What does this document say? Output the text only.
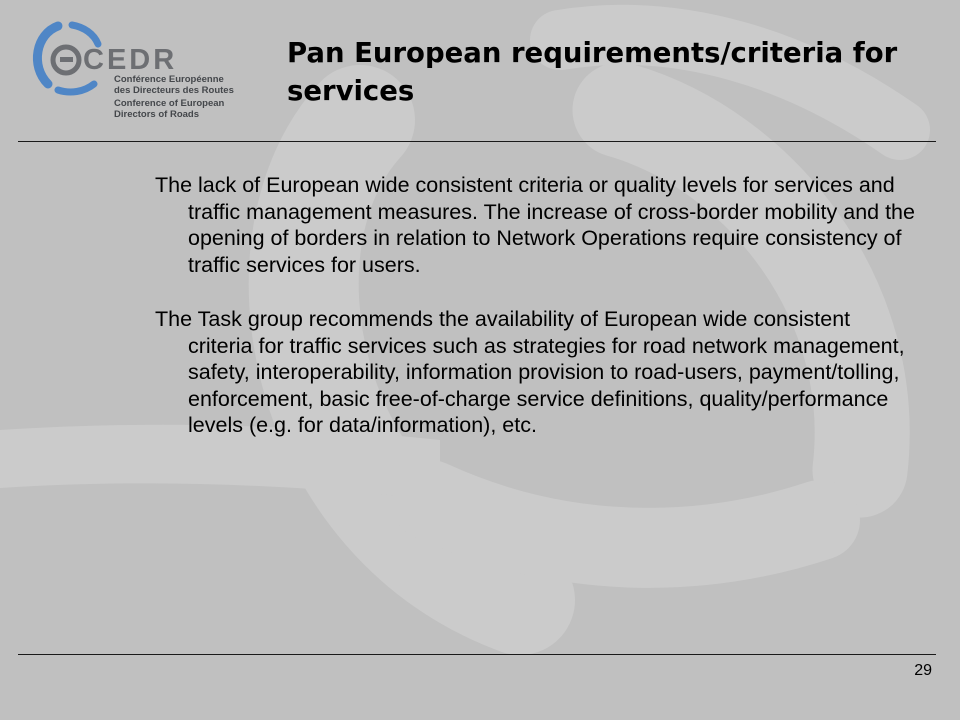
CEDR
Conférence Européenne
des Directeurs des Routes
Conference of European
Directors of Roads
Pan European requirements/criteria for services

The lack of European wide consistent criteria or quality levels for services and traffic management measures. The increase of cross-border mobility and the opening of borders in relation to Network Operations require consistency of traffic services for users.

The Task group recommends the availability of European wide consistent criteria for traffic services such as strategies for road network management, safety, interoperability, information provision to road-users, payment/tolling, enforcement, basic free-of-charge service definitions, quality/performance levels (e.g. for data/information), etc.

29
